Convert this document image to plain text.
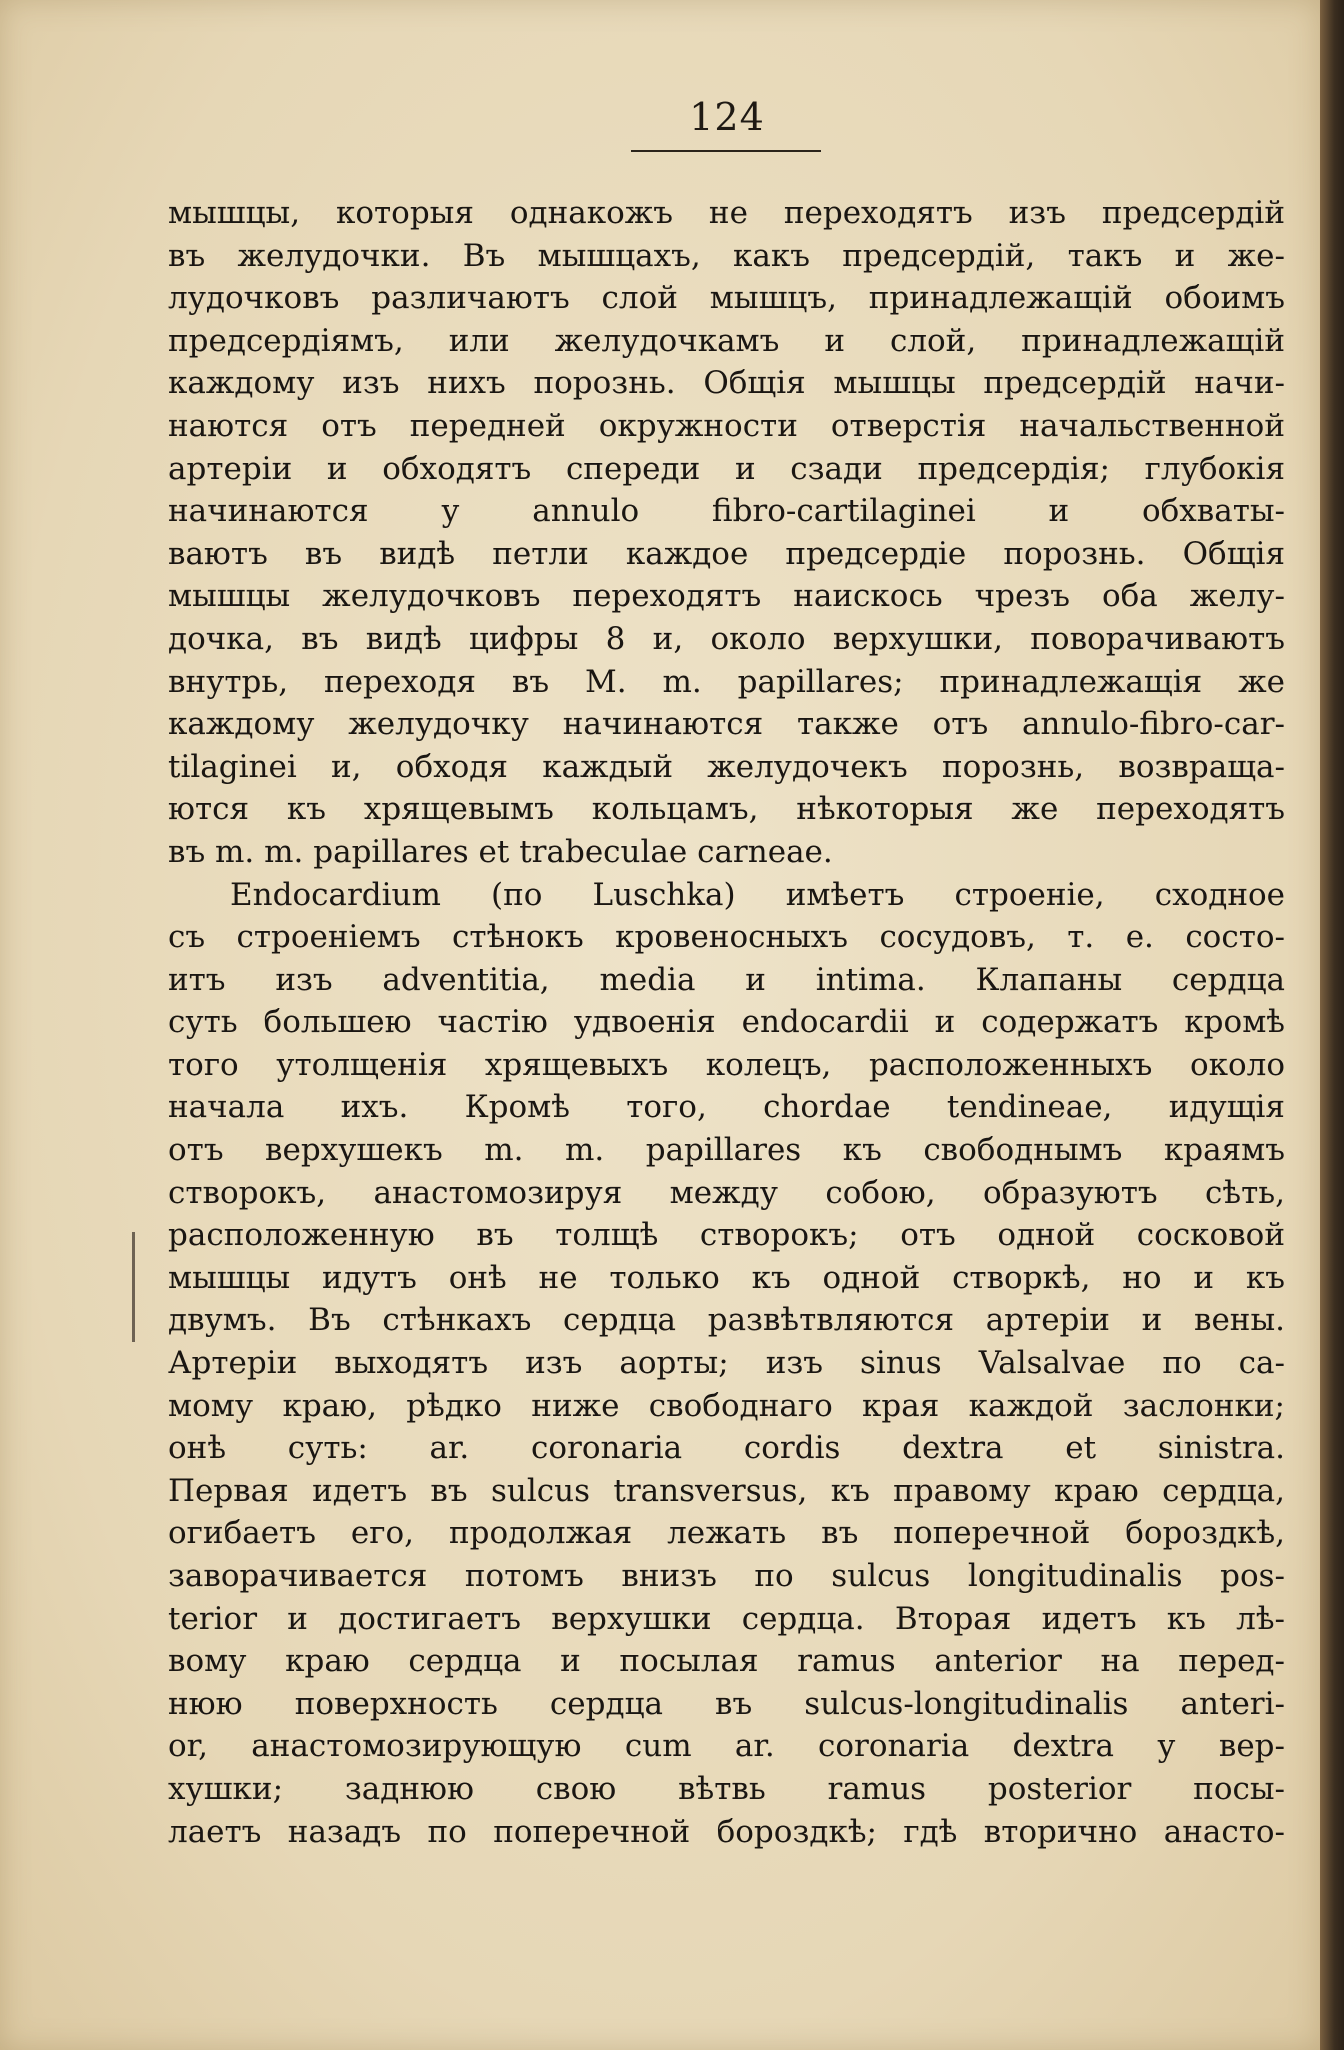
124
мышцы, которыя однакожъ не переходятъ изъ предсердій
въ желудочки. Въ мышцахъ, какъ предсердій, такъ и же-
лудочковъ различаютъ слой мышцъ, принадлежащій обоимъ
предсердіямъ, или желудочкамъ и слой, принадлежащій
каждому изъ нихъ порознь. Общія мышцы предсердій начи-
наются отъ передней окружности отверстія начальственной
артеріи и обходятъ спереди и сзади предсердія; глубокія
начинаются у annulo fibro-cartilaginei и обхваты-
ваютъ въ видѣ петли каждое предсердіе порознь. Общія
мышцы желудочковъ переходятъ наискось чрезъ оба желу-
дочка, въ видѣ цифры 8 и, около верхушки, поворачиваютъ
внутрь, переходя въ M. m. papillares; принадлежащія же
каждому желудочку начинаются также отъ annulo-fibro-car-
tilaginei и, обходя каждый желудочекъ порознь, возвраща-
ются къ хрящевымъ кольцамъ, нѣкоторыя же переходятъ
въ m. m. papillares et trabeculae carneae.
Endocardium (по Luschka) имѣетъ строеніе, сходное
съ строеніемъ стѣнокъ кровеносныхъ сосудовъ, т. е. состо-
итъ изъ adventitia, media и intima. Клапаны сердца
суть большею частію удвоенія endocardii и содержатъ кромѣ
того утолщенія хрящевыхъ колецъ, расположенныхъ около
начала ихъ. Кромѣ того, chordae tendineae, идущія
отъ верхушекъ m. m. papillares къ свободнымъ краямъ
створокъ, анастомозируя между собою, образуютъ сѣть,
расположенную въ толщѣ створокъ; отъ одной сосковой
мышцы идутъ онѣ не только къ одной створкѣ, но и къ
двумъ. Въ стѣнкахъ сердца развѣтвляются артеріи и вены.
Артеріи выходятъ изъ аорты; изъ sinus Valsalvae по са-
мому краю, рѣдко ниже свободнаго края каждой заслонки;
онѣ суть: ar. coronaria cordis dextra et sinistra.
Первая идетъ въ sulcus transversus, къ правому краю сердца,
огибаетъ его, продолжая лежать въ поперечной бороздкѣ,
заворачивается потомъ внизъ по sulcus longitudinalis pos-
terior и достигаетъ верхушки сердца. Вторая идетъ къ лѣ-
вому краю сердца и посылая ramus anterior на перед-
нюю поверхность сердца въ sulcus-longitudinalis anteri-
or, анастомозирующую cum ar. coronaria dextra у вер-
хушки; заднюю свою вѣтвь ramus posterior посы-
лаетъ назадъ по поперечной бороздкѣ; гдѣ вторично анасто-
